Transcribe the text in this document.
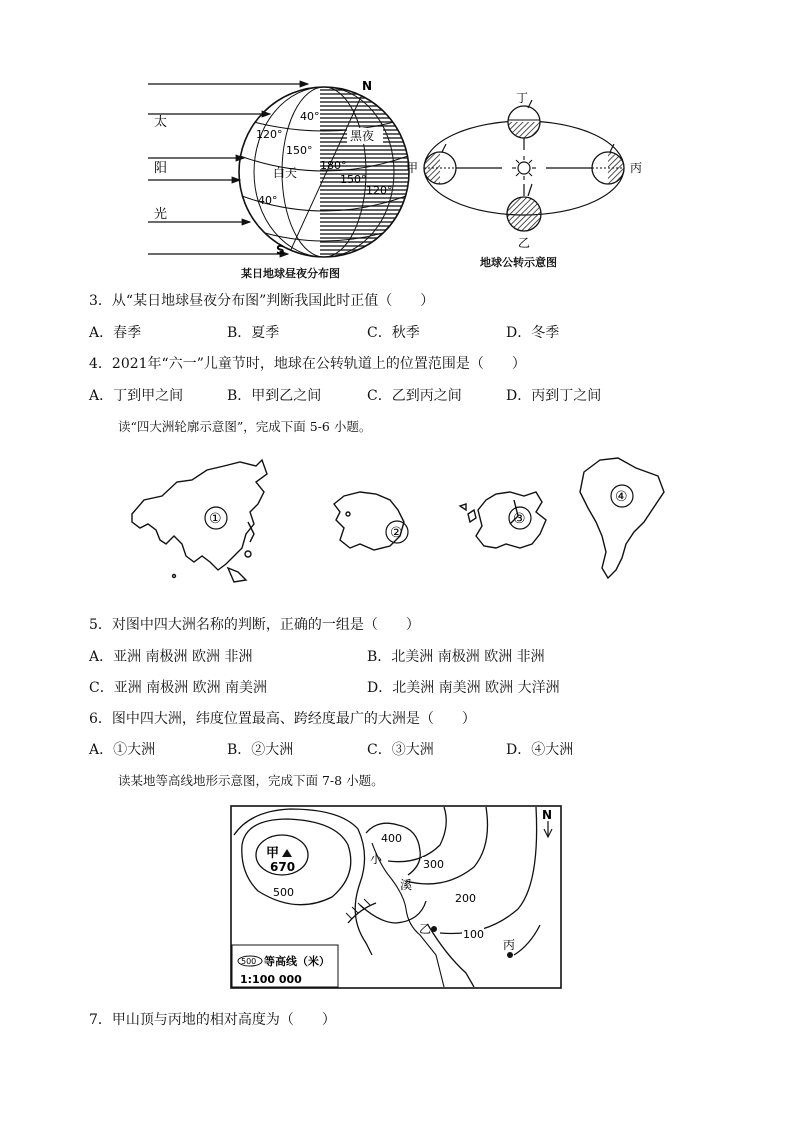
N
S
太
阳
光
黑夜
白天
40°
120°
150°
180°
150°
120°
40°
某日地球昼夜分布图
丁
甲	丙
乙
地球公转示意图
3．从“某日地球昼夜分布图”判断我国此时正值（　　）
A．春季	B．夏季	C．秋季	D．冬季
4．2021年“六一”儿童节时，地球在公转轨道上的位置范围是（　　）
A．丁到甲之间	B．甲到乙之间	C．乙到丙之间	D．丙到丁之间
读“四大洲轮廓示意图”，完成下面 5-6 小题。
①
②
③
④
5．对图中四大洲名称的判断，正确的一组是（　　）
A．亚洲 南极洲 欧洲 非洲	B．北美洲 南极洲 欧洲 非洲
C．亚洲 南极洲 欧洲 南美洲	D．北美洲 南美洲 欧洲 大洋洲
6．图中四大洲，纬度位置最高、跨经度最广的大洲是（　　）
A．①大洲	B．②大洲	C．③大洲	D．④大洲
读某地等高线地形示意图，完成下面 7-8 小题。
N
甲
670
400
300
500	200
100
小
溪
乙
丙
500 等高线（米）
1:100 000
7．甲山顶与丙地的相对高度为（　　）
